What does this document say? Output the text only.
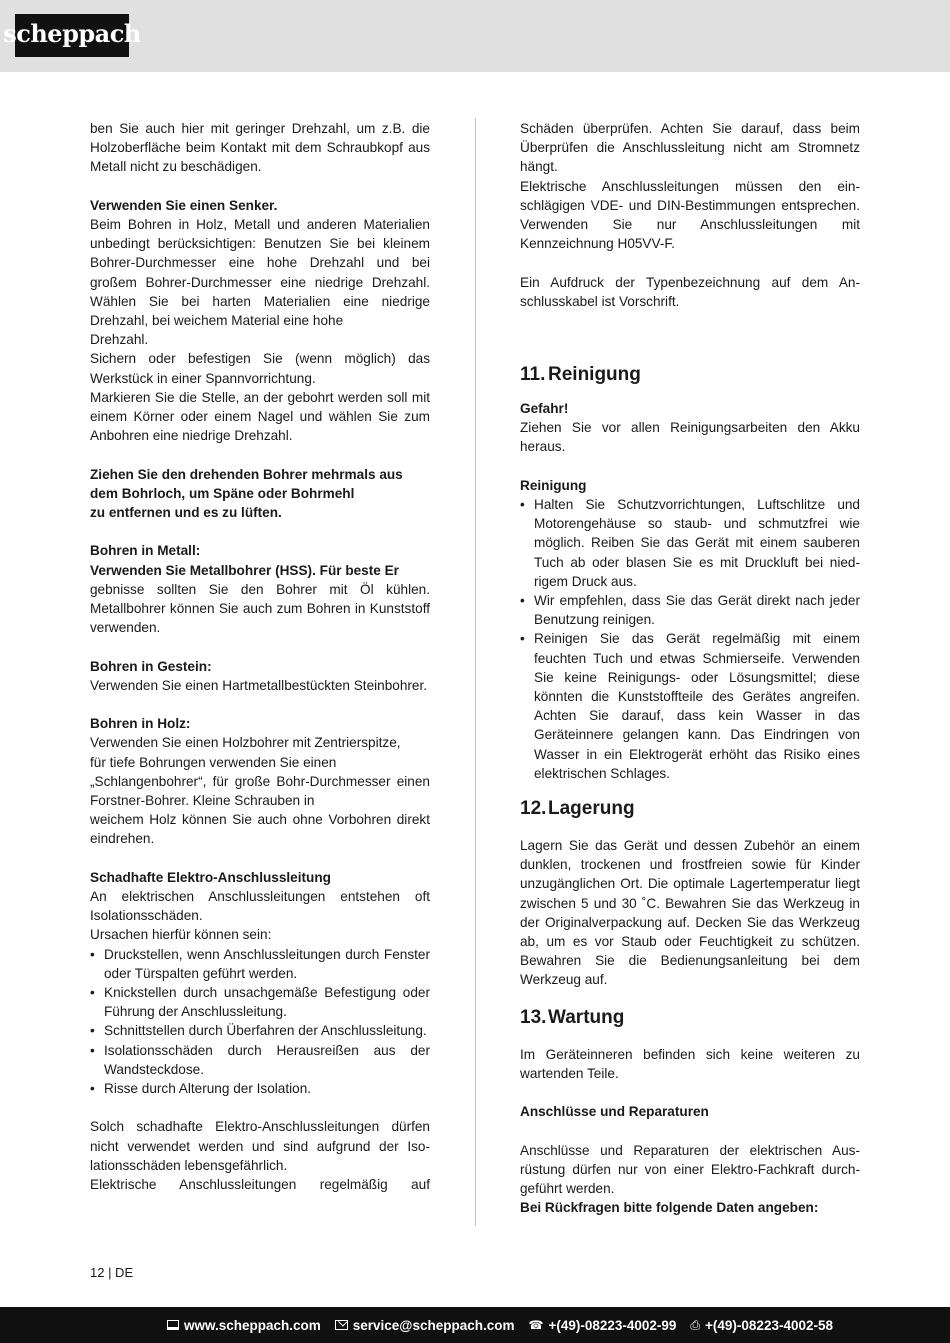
scheppach
ben Sie auch hier mit geringer Drehzahl, um z.B. die Holzoberfläche beim Kontakt mit dem Schraubkopf aus Metall nicht zu beschädigen.
Verwenden Sie einen Senker.
Beim Bohren in Holz, Metall und anderen Materialien unbedingt berücksichtigen: Benutzen Sie bei kleinem Bohrer-Durchmesser eine hohe Drehzahl und bei großem Bohrer-Durchmesser eine niedrige Drehzahl. Wählen Sie bei harten Materialien eine niedrige Drehzahl, bei weichem Material eine hohe
Drehzahl.
Sichern oder befestigen Sie (wenn möglich) das Werkstück in einer Spannvorrichtung.
Markieren Sie die Stelle, an der gebohrt werden soll mit einem Körner oder einem Nagel und wählen Sie zum Anbohren eine niedrige Drehzahl.
Ziehen Sie den drehenden Bohrer mehrmals aus
dem Bohrloch, um Späne oder Bohrmehl
zu entfernen und es zu lüften.
Bohren in Metall:
Verwenden Sie Metallbohrer (HSS). Für beste Er
gebnisse sollten Sie den Bohrer mit Öl kühlen. Metallbohrer können Sie auch zum Bohren in Kunststoff verwenden.
Bohren in Gestein:
Verwenden Sie einen Hartmetallbestückten Steinbohrer.
Bohren in Holz:
Verwenden Sie einen Holzbohrer mit Zentrierspitze,
für tiefe Bohrungen verwenden Sie einen
„Schlangenbohrer“, für große Bohr-Durchmesser einen Forstner-Bohrer. Kleine Schrauben in
weichem Holz können Sie auch ohne Vorbohren direkt eindrehen.
Schadhafte Elektro-Anschlussleitung
An elektrischen Anschlussleitungen entstehen oft Isolationsschäden.
Ursachen hierfür können sein:
• Druckstellen, wenn Anschlussleitungen durch Fenster oder Türspalten geführt werden.
• Knickstellen durch unsachgemäße Befestigung oder Führung der Anschlussleitung.
• Schnittstellen durch Überfahren der Anschlussleitung.
• Isolationsschäden durch Herausreißen aus der Wandsteckdose.
• Risse durch Alterung der Isolation.
Solch schadhafte Elektro-Anschlussleitungen dürfen nicht verwendet werden und sind aufgrund der Isolationsschäden lebensgefährlich.
Elektrische Anschlussleitungen regelmäßig auf
Schäden überprüfen. Achten Sie darauf, dass beim Überprüfen die Anschlussleitung nicht am Stromnetz hängt.
Elektrische Anschlussleitungen müssen den einschlägigen VDE- und DIN-Bestimmungen entsprechen. Verwenden Sie nur Anschlussleitungen mit Kennzeichnung H05VV-F.
Ein Aufdruck der Typenbezeichnung auf dem Anschlusskabel ist Vorschrift.
11. Reinigung
Gefahr!
Ziehen Sie vor allen Reinigungsarbeiten den Akku heraus.
Reinigung
• Halten Sie Schutzvorrichtungen, Luftschlitze und Motorengehäuse so staub- und schmutzfrei wie möglich. Reiben Sie das Gerät mit einem sauberen Tuch ab oder blasen Sie es mit Druckluft bei niedrigem Druck aus.
• Wir empfehlen, dass Sie das Gerät direkt nach jeder Benutzung reinigen.
• Reinigen Sie das Gerät regelmäßig mit einem feuchten Tuch und etwas Schmierseife. Verwenden Sie keine Reinigungs- oder Lösungsmittel; diese könnten die Kunststoffteile des Gerätes angreifen. Achten Sie darauf, dass kein Wasser in das Geräteinnere gelangen kann. Das Eindringen von Wasser in ein Elektrogerät erhöht das Risiko eines elektrischen Schlages.
12.Lagerung
Lagern Sie das Gerät und dessen Zubehör an einem dunklen, trockenen und frostfreien sowie für Kinder unzugänglichen Ort. Die optimale Lagertemperatur liegt zwischen 5 und 30 ˚C. Bewahren Sie das Werkzeug in der Originalverpackung auf. Decken Sie das Werkzeug ab, um es vor Staub oder Feuchtigkeit zu schützen. Bewahren Sie die Bedienungsanleitung bei dem Werkzeug auf.
13.Wartung
Im Geräteinneren befinden sich keine weiteren zu wartenden Teile.
Anschlüsse und Reparaturen
Anschlüsse und Reparaturen der elektrischen Ausrüstung dürfen nur von einer Elektro-Fachkraft durchgeführt werden.
Bei Rückfragen bitte folgende Daten angeben:
12 | DE
www.scheppach.com service@scheppach.com ☎ +(49)-08223-4002-99 ⎙ +(49)-08223-4002-58
